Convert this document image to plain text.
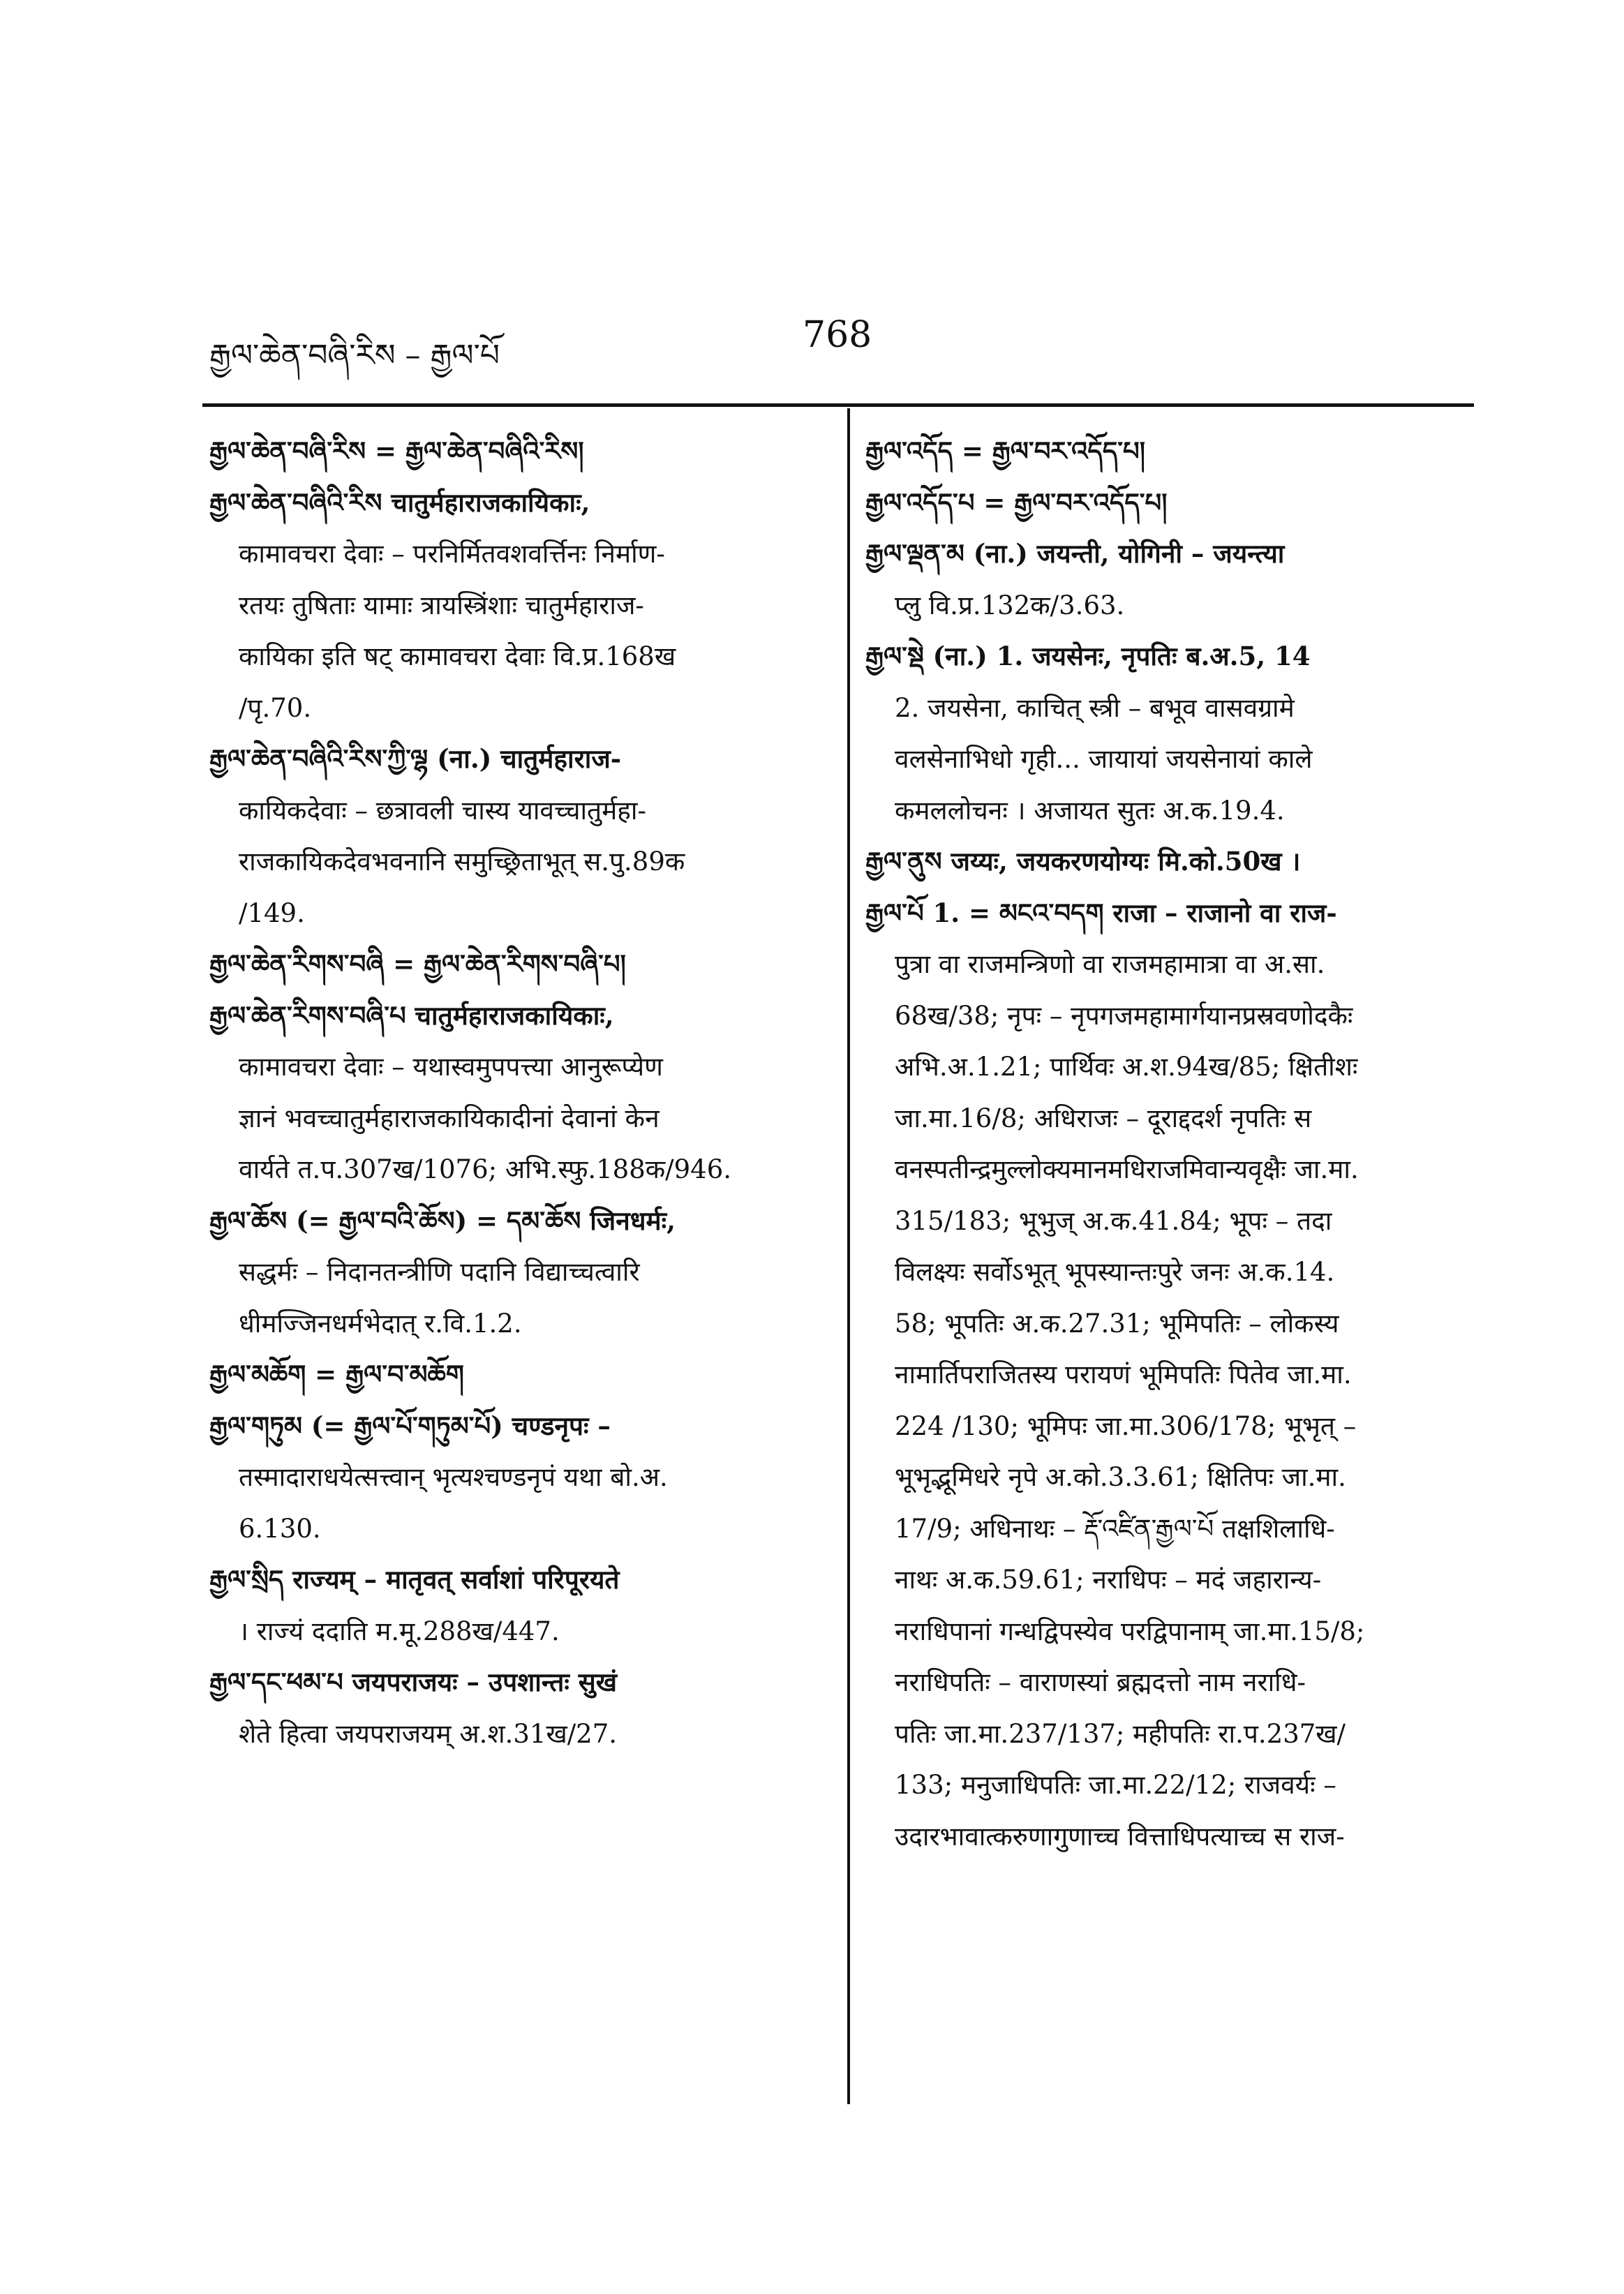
རྒྱལ་ཆེན་བཞི་རིས – རྒྱལ་པོ	768
རྒྱལ་ཆེན་བཞི་རིས = རྒྱལ་ཆེན་བཞིའི་རིས།
རྒྱལ་ཆེན་བཞིའི་རིས चातुर्महाराजकायिकाः,
कामावचरा देवाः – परनिर्मितवशवर्त्तिनः निर्माण-
रतयः तुषिताः यामाः त्रायस्त्रिंशाः चातुर्महाराज-
कायिका इति षट् कामावचरा देवाः वि.प्र.168ख
/पृ.70.
རྒྱལ་ཆེན་བཞིའི་རིས་ཀྱི་ལྷ (ना.) चातुर्महाराज-
कायिकदेवाः – छत्रावली चास्य यावच्चातुर्महा-
राजकायिकदेवभवनानि समुच्छ्रिताभूत् स.पु.89क
/149.
རྒྱལ་ཆེན་རིགས་བཞི = རྒྱལ་ཆེན་རིགས་བཞི་པ།
རྒྱལ་ཆེན་རིགས་བཞི་པ चातुर्महाराजकायिकाः,
कामावचरा देवाः – यथास्वमुपपत्त्या आनुरूप्येण
ज्ञानं भवच्चातुर्महाराजकायिकादीनां देवानां केन
वार्यते त.प.307ख/1076; अभि.स्फु.188क/946.
རྒྱལ་ཆོས (= རྒྱལ་བའི་ཆོས) = དམ་ཆོས जिनधर्मः,
सद्धर्मः – निदानतन्त्रीणि पदानि विद्याच्चत्वारि
धीमज्जिनधर्मभेदात् र.वि.1.2.
རྒྱལ་མཆོག = རྒྱལ་བ་མཆོག
རྒྱལ་གཏུམ (= རྒྱལ་པོ་གཏུམ་པོ) चण्डनृपः –
तस्मादाराधयेत्सत्त्वान् भृत्यश्चण्डनृपं यथा बो.अ.
6.130.
རྒྱལ་སྲིད राज्यम् – मातृवत् सर्वाशां परिपूरयते
। राज्यं ददाति म.मू.288ख/447.
རྒྱལ་དང་ཕམ་པ जयपराजयः – उपशान्तः सुखं
शेते हित्वा जयपराजयम् अ.श.31ख/27.
རྒྱལ་འདོད = རྒྱལ་བར་འདོད་པ།
རྒྱལ་འདོད་པ = རྒྱལ་བར་འདོད་པ།
རྒྱལ་ལྡན་མ (ना.) जयन्ती, योगिनी – जयन्त्या
प्लु वि.प्र.132क/3.63.
རྒྱལ་སྡེ (ना.) 1. जयसेनः, नृपतिः ब.अ.5, 14
2. जयसेना, काचित् स्त्री – बभूव वासवग्रामे
वलसेनाभिधो गृही... जायायां जयसेनायां काले
कमललोचनः । अजायत सुतः अ.क.19.4.
རྒྱལ་ནུས जय्यः, जयकरणयोग्यः मि.को.50ख ।
རྒྱལ་པོ 1. = མངའ་བདག राजा – राजानो वा राज-
पुत्रा वा राजमन्त्रिणो वा राजमहामात्रा वा अ.सा.
68ख/38; नृपः – नृपगजमहामार्गयानप्रस्रवणोदकैः
अभि.अ.1.21; पार्थिवः अ.श.94ख/85; क्षितीशः
जा.मा.16/8; अधिराजः – दूराद्ददर्श नृपतिः स
वनस्पतीन्द्रमुल्लोक्यमानमधिराजमिवान्यवृक्षैः जा.मा.
315/183; भूभुज् अ.क.41.84; भूपः – तदा
विलक्ष्यः सर्वोऽभूत् भूपस्यान्तःपुरे जनः अ.क.14.
58; भूपतिः अ.क.27.31; भूमिपतिः – लोकस्य
नामार्तिपराजितस्य परायणं भूमिपतिः पितेव जा.मा.
224 /130; भूमिपः जा.मा.306/178; भूभृत् –
भूभृद्भूमिधरे नृपे अ.को.3.3.61; क्षितिपः जा.मा.
17/9; अधिनाथः – རྡོ་འཛིན་རྒྱལ་པོ तक्षशिलाधि-
नाथः अ.क.59.61; नराधिपः – मदं जहारान्य-
नराधिपानां गन्धद्विपस्येव परद्विपानाम् जा.मा.15/8;
नराधिपतिः – वाराणस्यां ब्रह्मदत्तो नाम नराधि-
पतिः जा.मा.237/137; महीपतिः रा.प.237ख/
133; मनुजाधिपतिः जा.मा.22/12; राजवर्यः –
उदारभावात्करुणागुणाच्च वित्ताधिपत्याच्च स राज-
